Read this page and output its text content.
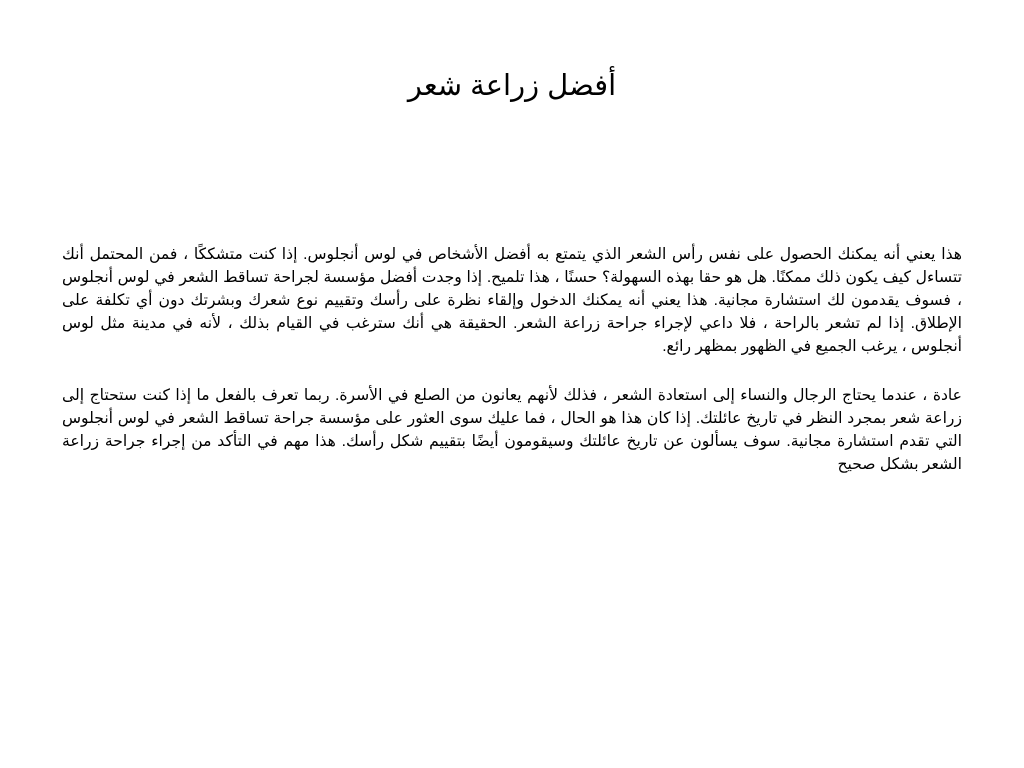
أفضل زراعة شعر

هذا يعني أنه يمكنك الحصول على نفس رأس الشعر الذي يتمتع به أفضل الأشخاص في لوس أنجلوس. إذا كنت متشككًا ، فمن المحتمل أنك تتساءل كيف يكون ذلك ممكنًا. هل هو حقا بهذه السهولة؟ حسنًا ، هذا تلميح. إذا وجدت أفضل مؤسسة لجراحة تساقط الشعر في لوس أنجلوس ، فسوف يقدمون لك استشارة مجانية. هذا يعني أنه يمكنك الدخول وإلقاء نظرة على رأسك وتقييم نوع شعرك وبشرتك دون أي تكلفة على الإطلاق. إذا لم تشعر بالراحة ، فلا داعي لإجراء جراحة زراعة الشعر. الحقيقة هي أنك سترغب في القيام بذلك ، لأنه في مدينة مثل لوس أنجلوس ، يرغب الجميع في الظهور بمظهر رائع.

عادة ، عندما يحتاج الرجال والنساء إلى استعادة الشعر ، فذلك لأنهم يعانون من الصلع في الأسرة. ربما تعرف بالفعل ما إذا كنت ستحتاج إلى زراعة شعر بمجرد النظر في تاريخ عائلتك. إذا كان هذا هو الحال ، فما عليك سوى العثور على مؤسسة جراحة تساقط الشعر في لوس أنجلوس التي تقدم استشارة مجانية. سوف يسألون عن تاريخ عائلتك وسيقومون أيضًا بتقييم شكل رأسك. هذا مهم في التأكد من إجراء جراحة زراعة الشعر بشكل صحيح
